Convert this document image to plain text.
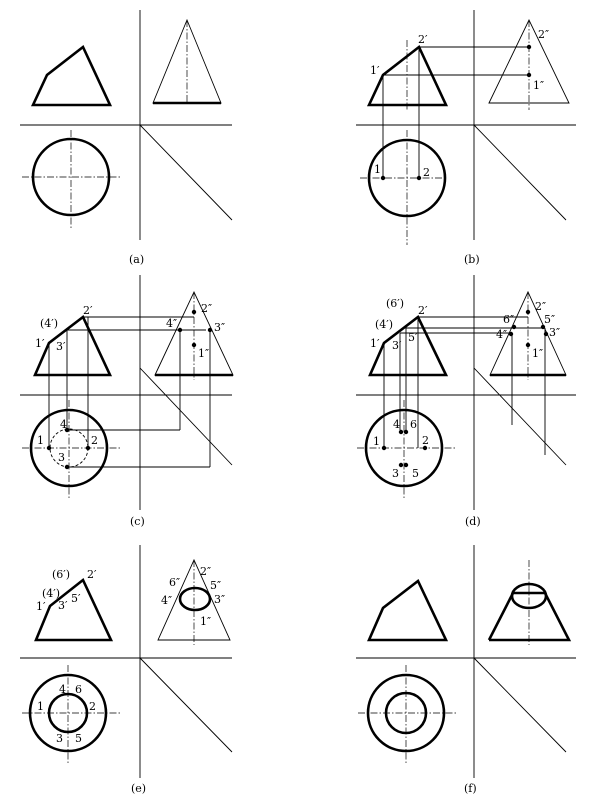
(a)
1′
2′	2″
1″
1	2
(b)
(4′)
2′
1′ 3′
2″
4″	3″
1″
4
1	2
3
(c)
(6′)
(4′)
2′
1′ 3′
5′
2″
6″	5″
4″	3″
1″
4 6
1	2
3 5
(d)
(6′) 2′
(4′)
1′ 3′
5′
6″
2″
5″
4″	3″
1″
4 6
1	2
3 5
(e)	(f)
